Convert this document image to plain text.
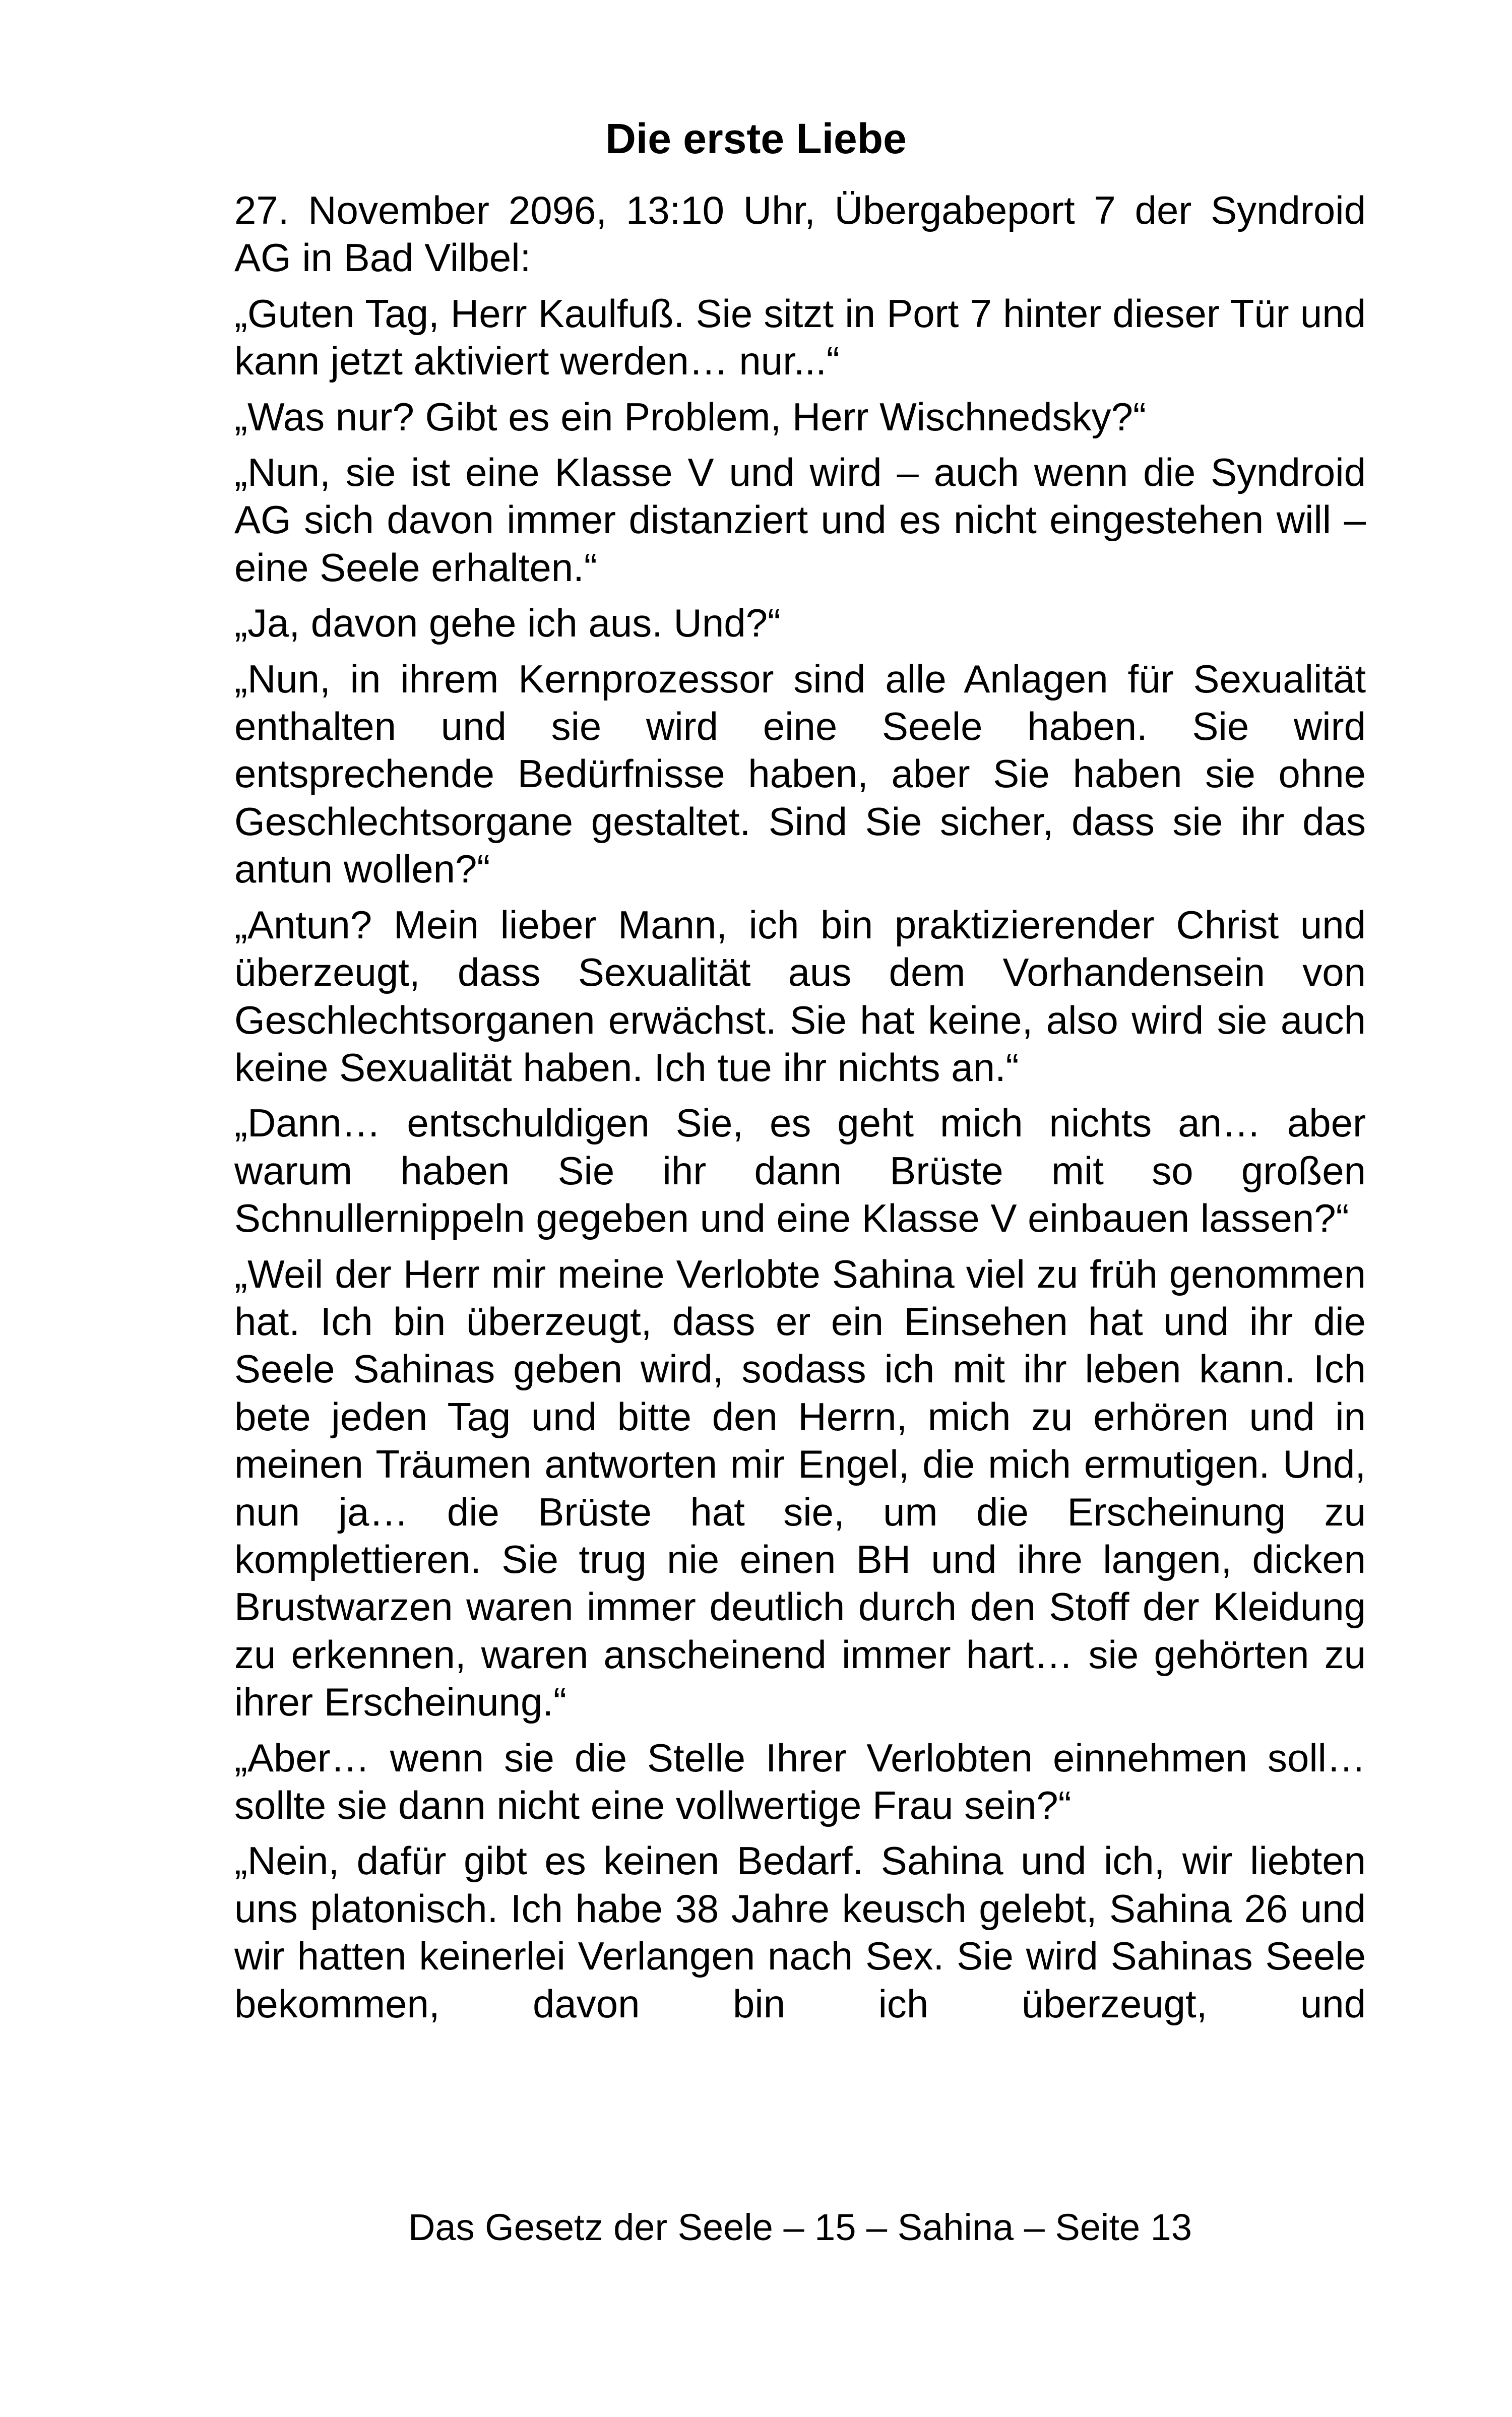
Die erste Liebe

27. November 2096, 13:10 Uhr, Übergabeport 7 der Syndroid AG in Bad Vilbel:

„Guten Tag, Herr Kaulfuß. Sie sitzt in Port 7 hinter dieser Tür und kann jetzt aktiviert werden… nur...“

„Was nur? Gibt es ein Problem, Herr Wischnedsky?“

„Nun, sie ist eine Klasse V und wird – auch wenn die Syndroid AG sich davon immer distanziert und es nicht eingestehen will – eine Seele erhalten.“

„Ja, davon gehe ich aus. Und?“

„Nun, in ihrem Kernprozessor sind alle Anlagen für Sexualität enthalten und sie wird eine Seele haben. Sie wird entsprechende Bedürfnisse haben, aber Sie haben sie ohne Geschlechtsorgane gestaltet. Sind Sie sicher, dass sie ihr das antun wollen?“

„Antun? Mein lieber Mann, ich bin praktizierender Christ und überzeugt, dass Sexualität aus dem Vorhandensein von Geschlechtsorganen erwächst. Sie hat keine, also wird sie auch keine Sexualität haben. Ich tue ihr nichts an.“

„Dann… entschuldigen Sie, es geht mich nichts an… aber warum haben Sie ihr dann Brüste mit so großen Schnullernippeln gegeben und eine Klasse V einbauen lassen?“

„Weil der Herr mir meine Verlobte Sahina viel zu früh genommen hat. Ich bin überzeugt, dass er ein Einsehen hat und ihr die Seele Sahinas geben wird, sodass ich mit ihr leben kann. Ich bete jeden Tag und bitte den Herrn, mich zu erhören und in meinen Träumen antworten mir Engel, die mich ermutigen. Und, nun ja… die Brüste hat sie, um die Erscheinung zu komplettieren. Sie trug nie einen BH und ihre langen, dicken Brustwarzen waren immer deutlich durch den Stoff der Kleidung zu erkennen, waren anscheinend immer hart… sie gehörten zu ihrer Erscheinung.“

„Aber… wenn sie die Stelle Ihrer Verlobten einnehmen soll… sollte sie dann nicht eine vollwertige Frau sein?“

„Nein, dafür gibt es keinen Bedarf. Sahina und ich, wir liebten uns platonisch. Ich habe 38 Jahre keusch gelebt, Sahina 26 und wir hatten keinerlei Verlangen nach Sex. Sie wird Sahinas Seele bekommen, davon bin ich überzeugt, und

Das Gesetz der Seele – 15 – Sahina – Seite 13
